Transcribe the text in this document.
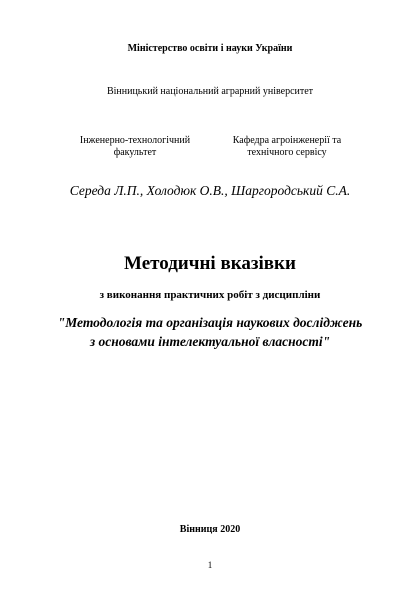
Міністерство освіти і науки України
Вінницький національний аграрний університет
Інженерно-технологічний факультет
Кафедра агроінженерії та технічного сервісу
Середа Л.П., Холодюк О.В., Шаргородський С.А.
Методичні вказівки
з виконання практичних робіт з дисципліни
"Методологія та організація наукових досліджень з основами інтелектуальної власності"
Вінниця 2020
1
